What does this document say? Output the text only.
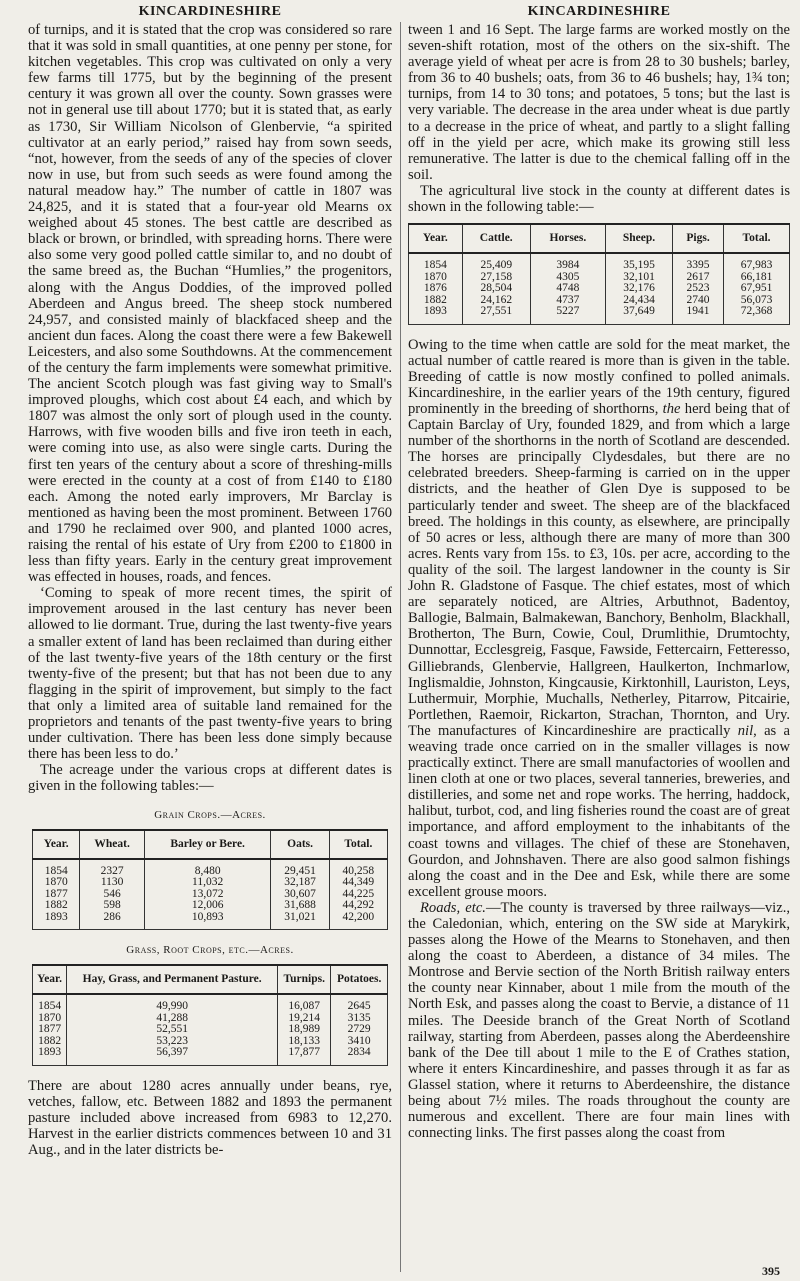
KINCARDINESHIRE

of turnips, and it is stated that the crop was considered so rare that it was sold in small quantities, at one penny per stone, for kitchen vegetables. This crop was cultivated on only a very few farms till 1775, but by the beginning of the present century it was grown all over the county. Sown grasses were not in general use till about 1770; but it is stated that, as early as 1730, Sir William Nicolson of Glenbervie, “a spirited cultivator at an early period,” raised hay from sown seeds, “not, however, from the seeds of any of the species of clover now in use, but from such seeds as were found among the natural meadow hay.” The number of cattle in 1807 was 24,825, and it is stated that a four-year old Mearns ox weighed about 45 stones. The best cattle are described as black or brown, or brindled, with spreading horns. There were also some very good polled cattle similar to, and no doubt of the same breed as, the Buchan “Humlies,” the progenitors, along with the Angus Doddies, of the improved polled Aberdeen and Angus breed. The sheep stock numbered 24,957, and consisted mainly of blackfaced sheep and the ancient dun faces. Along the coast there were a few Bakewell Leicesters, and also some Southdowns. At the commencement of the century the farm implements were somewhat primitive. The ancient Scotch plough was fast giving way to Small's improved ploughs, which cost about £4 each, and which by 1807 was almost the only sort of plough used in the county. Harrows, with five wooden bills and five iron teeth in each, were coming into use, as also were single carts. During the first ten years of the century about a score of threshing-mills were erected in the county at a cost of from £140 to £180 each. Among the noted early improvers, Mr Barclay is mentioned as having been the most prominent. Between 1760 and 1790 he reclaimed over 900, and planted 1000 acres, raising the rental of his estate of Ury from £200 to £1800 in less than fifty years. Early in the century great improvement was effected in houses, roads, and fences.

‘Coming to speak of more recent times, the spirit of improvement aroused in the last century has never been allowed to lie dormant. True, during the last twenty-five years a smaller extent of land has been reclaimed than during either of the last twenty-five years of the 18th century or the first twenty-five of the present; but that has not been due to any flagging in the spirit of improvement, but simply to the fact that only a limited area of suitable land remained for the proprietors and tenants of the past twenty-five years to bring under cultivation. There has been less done simply because there has been less to do.’

The acreage under the various crops at different dates is given in the following tables:—

Grain Crops.—Acres.
Year.	Wheat.	Barley or Bere.	Oats.	Total.
1854	2327	8,480	29,451	40,258
1870	1130	11,032	32,187	44,349
1877	546	13,072	30,607	44,225
1882	598	12,006	31,688	44,292
1893	286	10,893	31,021	42,200
Grass, Root Crops, etc.—Acres.
Year.	Hay, Grass, and Permanent Pasture.	Turnips.	Potatoes.
1854	49,990	16,087	2645
1870	41,288	19,214	3135
1877	52,551	18,989	2729
1882	53,223	18,133	3410
1893	56,397	17,877	2834

There are about 1280 acres annually under beans, rye, vetches, fallow, etc. Between 1882 and 1893 the permanent pasture included above increased from 6983 to 12,270. Harvest in the earlier districts commences between 10 and 31 Aug., and in the later districts be-

KINCARDINESHIRE

tween 1 and 16 Sept. The large farms are worked mostly on the seven-shift rotation, most of the others on the six-shift. The average yield of wheat per acre is from 28 to 30 bushels; barley, from 36 to 40 bushels; oats, from 36 to 46 bushels; hay, 1¾ ton; turnips, from 14 to 30 tons; and potatoes, 5 tons; but the last is very variable. The decrease in the area under wheat is due partly to a decrease in the price of wheat, and partly to a slight falling off in the yield per acre, which make its growing still less remunerative. The latter is due to the chemical falling off in the soil.

The agricultural live stock in the county at different dates is shown in the following table:—

Year.	Cattle.	Horses.	Sheep.	Pigs.	Total.
1854	25,409	3984	35,195	3395	67,983
1870	27,158	4305	32,101	2617	66,181
1876	28,504	4748	32,176	2523	67,951
1882	24,162	4737	24,434	2740	56,073
1893	27,551	5227	37,649	1941	72,368

Owing to the time when cattle are sold for the meat market, the actual number of cattle reared is more than is given in the table. Breeding of cattle is now mostly confined to polled animals. Kincardineshire, in the earlier years of the 19th century, figured prominently in the breeding of shorthorns, the herd being that of Captain Barclay of Ury, founded 1829, and from which a large number of the shorthorns in the north of Scotland are descended. The horses are principally Clydesdales, but there are no celebrated breeders. Sheep-farming is carried on in the upper districts, and the heather of Glen Dye is supposed to be particularly tender and sweet. The sheep are of the blackfaced breed. The holdings in this county, as elsewhere, are principally of 50 acres or less, although there are many of more than 300 acres. Rents vary from 15s. to £3, 10s. per acre, according to the quality of the soil. The largest landowner in the county is Sir John R. Gladstone of Fasque. The chief estates, most of which are separately noticed, are Altries, Arbuthnot, Badentoy, Ballogie, Balmain, Balmakewan, Banchory, Benholm, Blackhall, Brotherton, The Burn, Cowie, Coul, Drumlithie, Drumtochty, Dunnottar, Ecclesgreig, Fasque, Fawside, Fettercairn, Fetteresso, Gilliebrands, Glenbervie, Hallgreen, Haulkerton, Inchmarlow, Inglismaldie, Johnston, Kingcausie, Kirktonhill, Lauriston, Leys, Luthermuir, Morphie, Muchalls, Netherley, Pitarrow, Pitcairie, Portlethen, Raemoir, Rickarton, Strachan, Thornton, and Ury. The manufactures of Kincardineshire are practically nil, as a weaving trade once carried on in the smaller villages is now practically extinct. There are small manufactories of woollen and linen cloth at one or two places, several tanneries, breweries, and distilleries, and some net and rope works. The herring, haddock, halibut, turbot, cod, and ling fisheries round the coast are of great importance, and afford employment to the inhabitants of the coast towns and villages. The chief of these are Stonehaven, Gourdon, and Johnshaven. There are also good salmon fishings along the coast and in the Dee and Esk, while there are some excellent grouse moors.

Roads, etc.—The county is traversed by three railways—viz., the Caledonian, which, entering on the SW side at Marykirk, passes along the Howe of the Mearns to Stonehaven, and then along the coast to Aberdeen, a distance of 34 miles. The Montrose and Bervie section of the North British railway enters the county near Kinnaber, about 1 mile from the mouth of the North Esk, and passes along the coast to Bervie, a distance of 11 miles. The Deeside branch of the Great North of Scotland railway, starting from Aberdeen, passes along the Aberdeenshire bank of the Dee till about 1 mile to the E of Crathes station, where it enters Kincardineshire, and passes through it as far as Glassel station, where it returns to Aberdeenshire, the distance being about 7½ miles. The roads throughout the county are numerous and excellent. There are four main lines with connecting links. The first passes along the coast from

395
